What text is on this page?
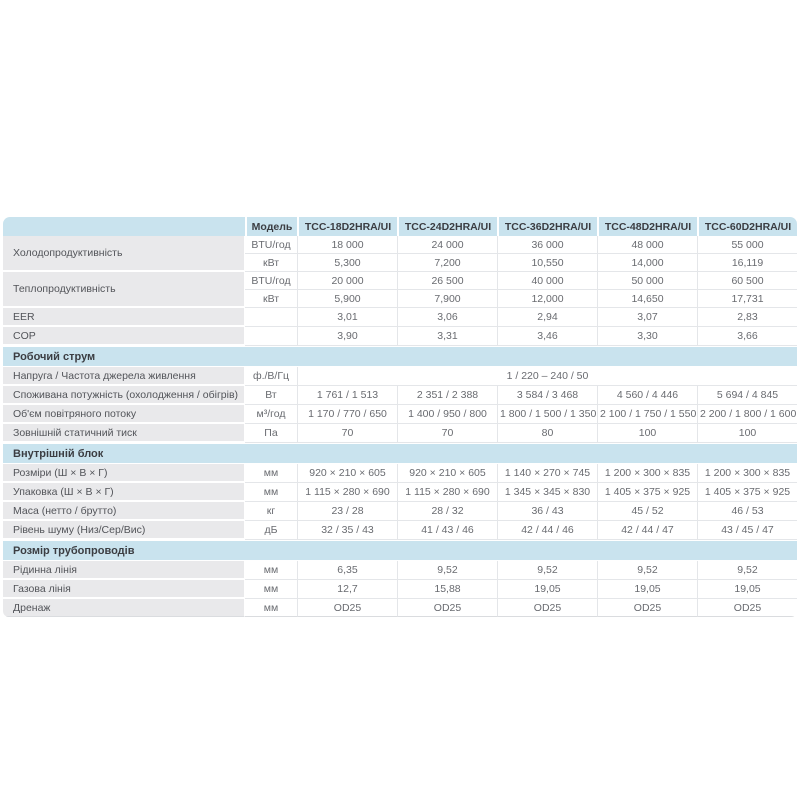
	Модель	TCC-18D2HRA/UI	TCC-24D2HRA/UI	TCC-36D2HRA/UI	TCC-48D2HRA/UI	TCC-60D2HRA/UI
Холодопродуктивність	BTU/год	18 000	24 000	36 000	48 000	55 000
	кВт	5,300	7,200	10,550	14,000	16,119
Теплопродуктивність	BTU/год	20 000	26 500	40 000	50 000	60 500
	кВт	5,900	7,900	12,000	14,650	17,731
EER		3,01	3,06	2,94	3,07	2,83
COP		3,90	3,31	3,46	3,30	3,66
Робочий струм						
Напруга / Частота джерела живлення	ф./В/Гц	1 / 220 – 240 / 50				
Споживана потужність (охолодження / обігрів)	Вт	1 761 / 1 513	2 351 / 2 388	3 584 / 3 468	4 560 / 4 446	5 694 / 4 845
Об'єм повітряного потоку	м³/год	1 170 / 770 / 650	1 400 / 950 / 800	1 800 / 1 500 / 1 350	2 100 / 1 750 / 1 550	2 200 / 1 800 / 1 600
Зовнішній статичний тиск	Па	70	70	80	100	100
Внутрішній блок						
Розміри (Ш × В × Г)	мм	920 × 210 × 605	920 × 210 × 605	1 140 × 270 × 745	1 200 × 300 × 835	1 200 × 300 × 835
Упаковка (Ш × В × Г)	мм	1 115 × 280 × 690	1 115 × 280 × 690	1 345 × 345 × 830	1 405 × 375 × 925	1 405 × 375 × 925
Маса (нетто / брутто)	кг	23 / 28	28 / 32	36 / 43	45 / 52	46 / 53
Рівень шуму (Низ/Сер/Вис)	дБ	32 / 35 / 43	41 / 43 / 46	42 / 44 / 46	42 / 44 / 47	43 / 45 / 47
Розмір трубопроводів						
Рідинна лінія	мм	6,35	9,52	9,52	9,52	9,52
Газова лінія	мм	12,7	15,88	19,05	19,05	19,05
Дренаж	мм	OD25	OD25	OD25	OD25	OD25
